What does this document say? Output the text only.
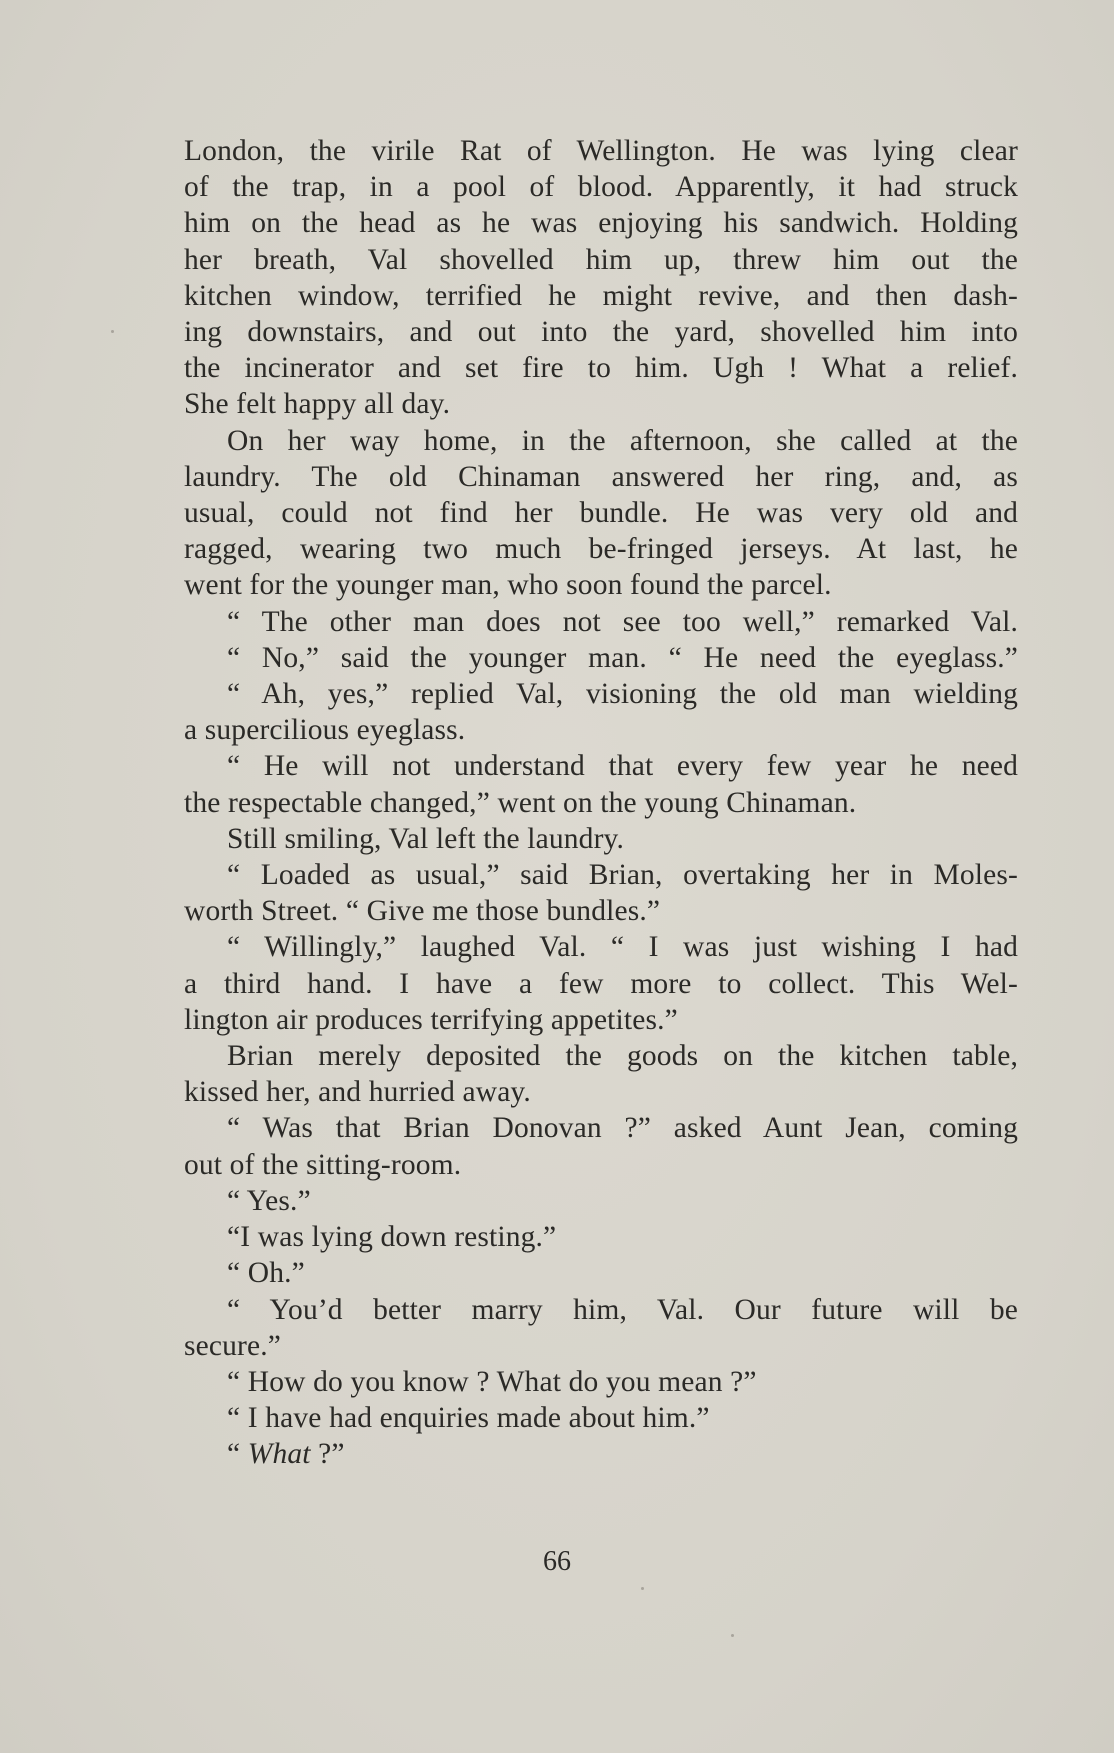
London, the virile Rat of Wellington. He was lying clear
of the trap, in a pool of blood. Apparently, it had struck
him on the head as he was enjoying his sandwich. Holding
her breath, Val shovelled him up, threw him out the
kitchen window, terrified he might revive, and then dash-
ing downstairs, and out into the yard, shovelled him into
the incinerator and set fire to him. Ugh ! What a relief.
She felt happy all day.
On her way home, in the afternoon, she called at the
laundry. The old Chinaman answered her ring, and, as
usual, could not find her bundle. He was very old and
ragged, wearing two much be-fringed jerseys. At last, he
went for the younger man, who soon found the parcel.
“ The other man does not see too well,” remarked Val.
“ No,” said the younger man. “ He need the eyeglass.”
“ Ah, yes,” replied Val, visioning the old man wielding
a supercilious eyeglass.
“ He will not understand that every few year he need
the respectable changed,” went on the young Chinaman.
Still smiling, Val left the laundry.
“ Loaded as usual,” said Brian, overtaking her in Moles-
worth Street. “ Give me those bundles.”
“ Willingly,” laughed Val. “ I was just wishing I had
a third hand. I have a few more to collect. This Wel-
lington air produces terrifying appetites.”
Brian merely deposited the goods on the kitchen table,
kissed her, and hurried away.
“ Was that Brian Donovan ?” asked Aunt Jean, coming
out of the sitting-room.
“ Yes.”
“I was lying down resting.”
“ Oh.”
“ You’d better marry him, Val. Our future will be
secure.”
“ How do you know ? What do you mean ?”
“ I have had enquiries made about him.”
“ What ?”
66
